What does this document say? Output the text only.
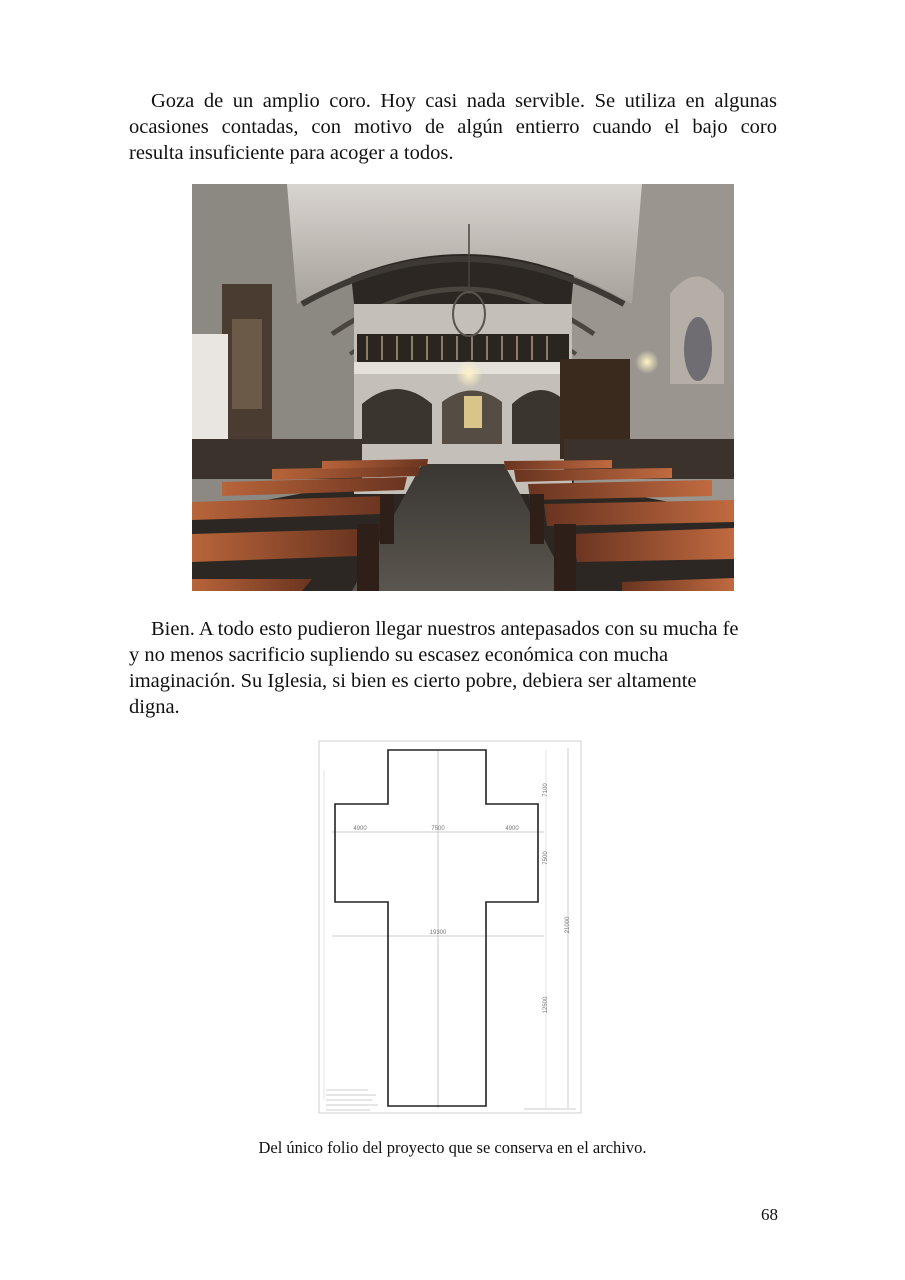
Goza de un amplio coro. Hoy casi nada servible. Se utiliza en algunas
ocasiones contadas, con motivo de algún entierro cuando el bajo coro
resulta insuficiente para acoger a todos.
Bien. A todo esto pudieron llegar nuestros antepasados con su mucha fe
y no menos sacrificio supliendo su escasez económica con mucha
imaginación. Su Iglesia, si bien es cierto pobre, debiera ser altamente
digna.
4900	7500	4900
19300
7100
7500
21000
12500
Del único folio del proyecto que se conserva en el archivo.
68
